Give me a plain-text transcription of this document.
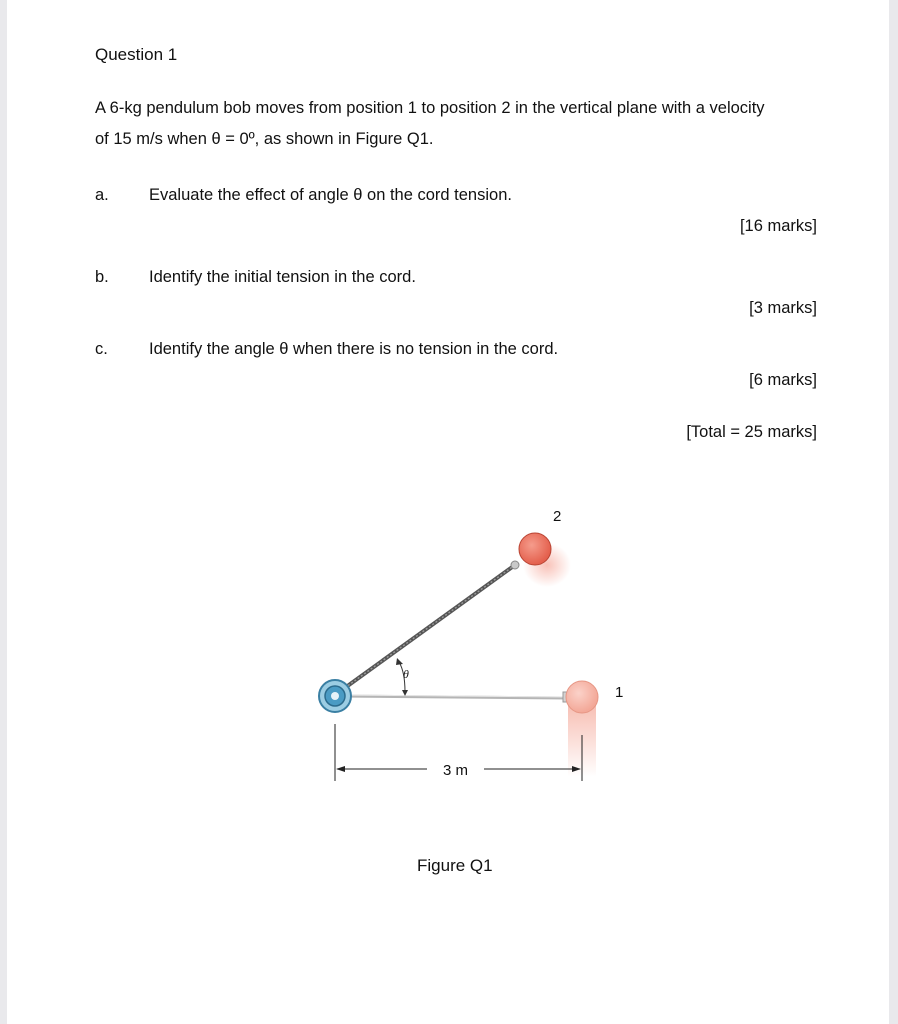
Question 1
A 6-kg pendulum bob moves from position 1 to position 2 in the vertical plane with a velocity
of 15 m/s when θ = 0º, as shown in Figure Q1.
a. Evaluate the effect of angle θ on the cord tension.
[16 marks]
b. Identify the initial tension in the cord.
[3 marks]
c. Identify the angle θ when there is no tension in the cord.
[6 marks]
[Total = 25 marks]
θ
2
1
3 m
Figure Q1
